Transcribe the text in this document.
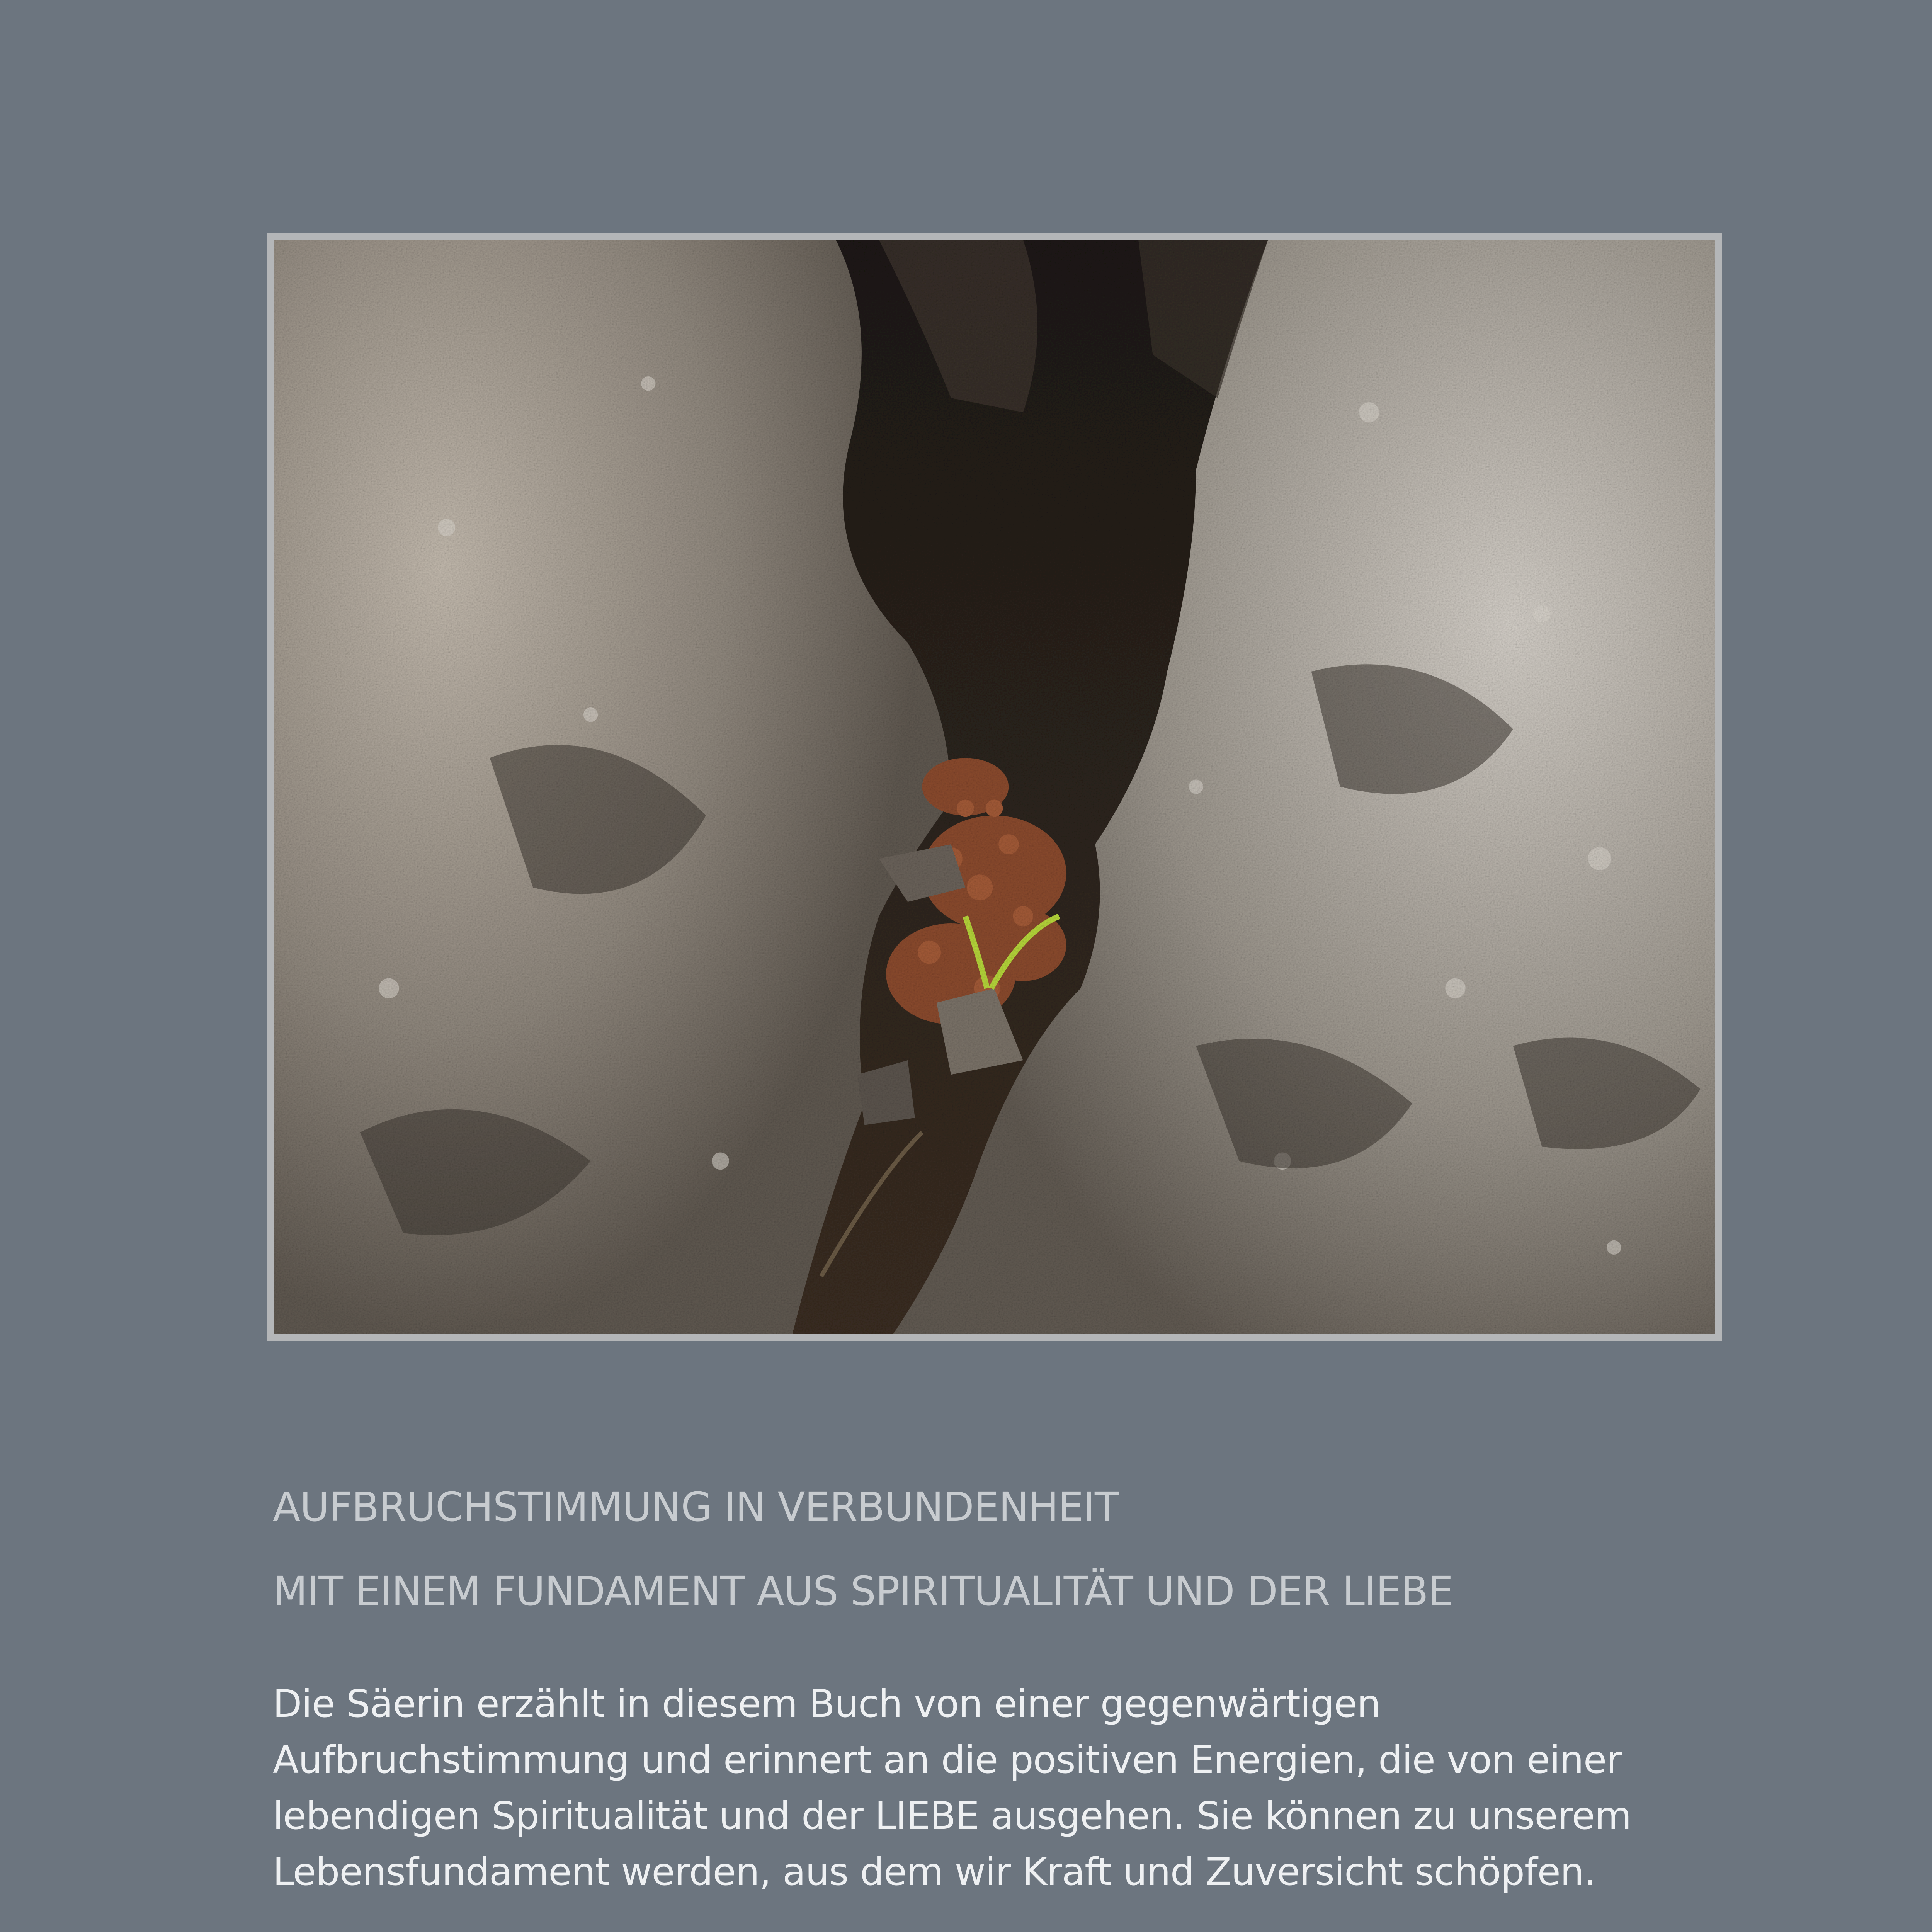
AUFBRUCHSTIMMUNG IN VERBUNDENHEIT
MIT EINEM FUNDAMENT AUS SPIRITUALITÄT UND DER LIEBE

Die Säerin erzählt in diesem Buch von einer gegenwärtigen Aufbruchstimmung und erinnert an die positiven Energien, die von einer lebendigen Spiritualität und der LIEBE ausgehen. Sie können zu unserem Lebensfundament werden, aus dem wir Kraft und Zuversicht schöpfen.
